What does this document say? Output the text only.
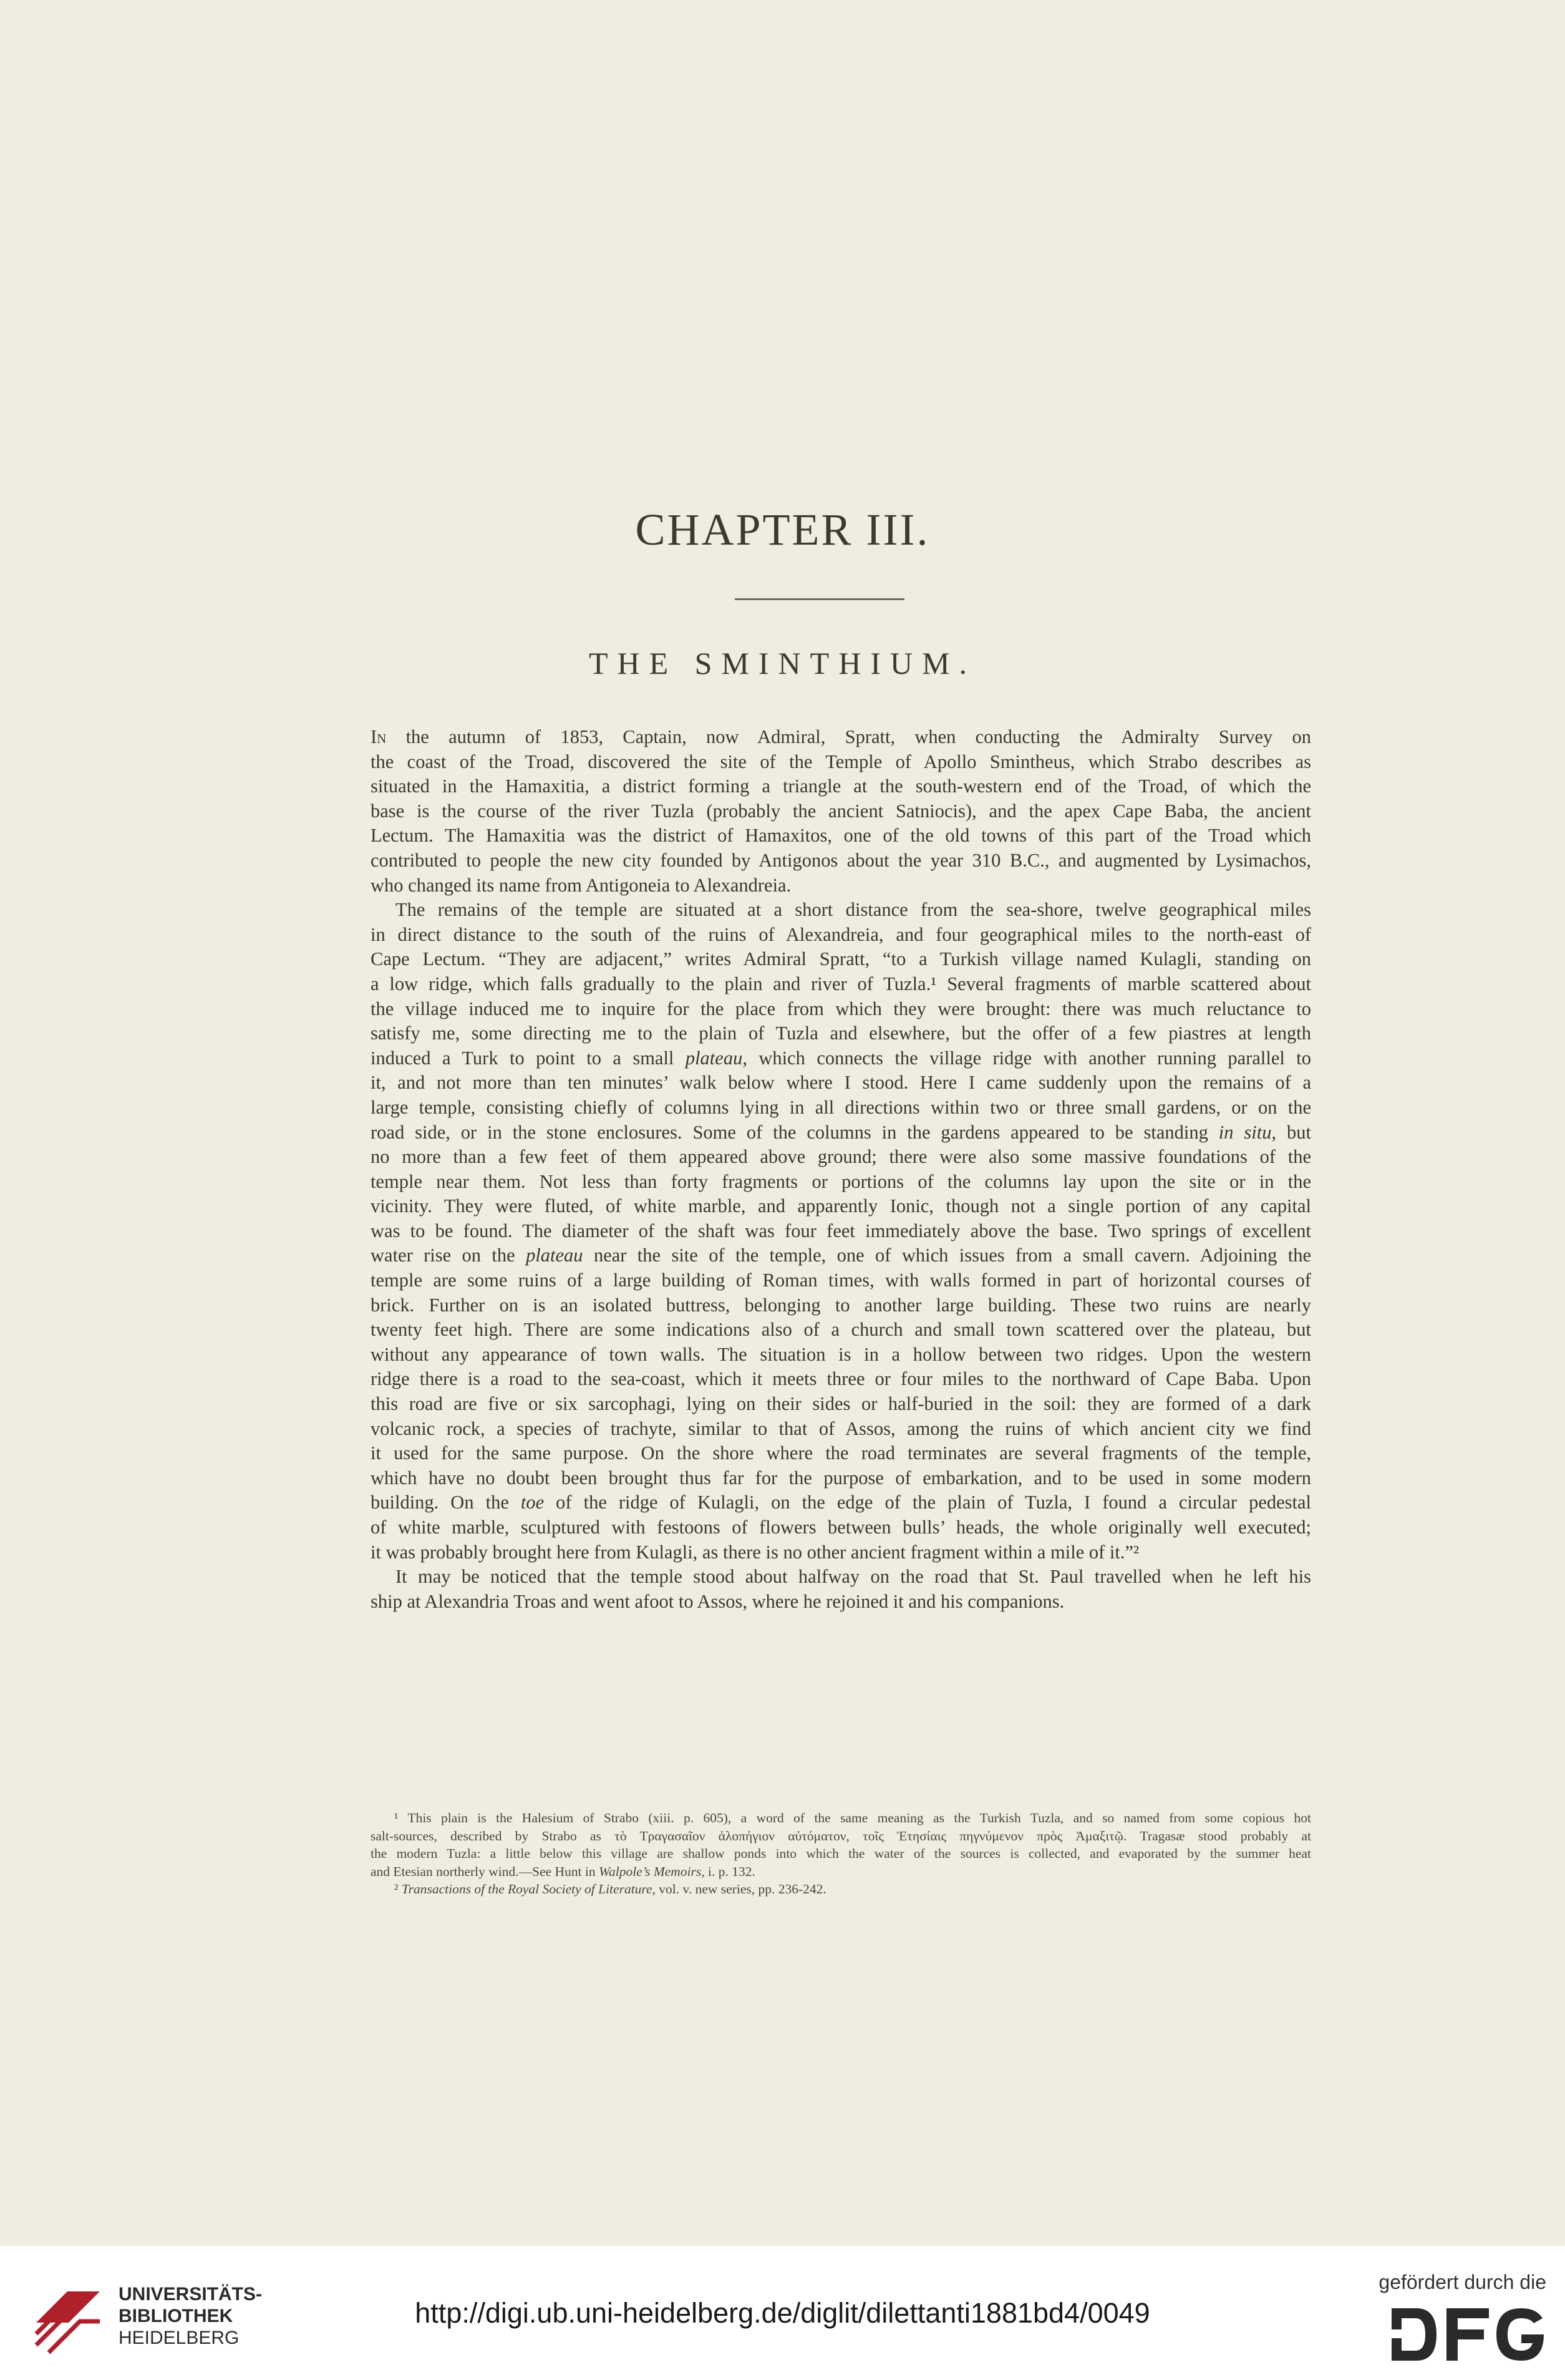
CHAPTER III.
THE SMINTHIUM.
In the autumn of 1853, Captain, now Admiral, Spratt, when conducting the Admiralty Survey on
the coast of the Troad, discovered the site of the Temple of Apollo Smintheus, which Strabo describes as
situated in the Hamaxitia, a district forming a triangle at the south-western end of the Troad, of which the
base is the course of the river Tuzla (probably the ancient Satniocis), and the apex Cape Baba, the ancient
Lectum. The Hamaxitia was the district of Hamaxitos, one of the old towns of this part of the Troad which
contributed to people the new city founded by Antigonos about the year 310 B.C., and augmented by Lysimachos,
who changed its name from Antigoneia to Alexandreia.
The remains of the temple are situated at a short distance from the sea-shore, twelve geographical miles
in direct distance to the south of the ruins of Alexandreia, and four geographical miles to the north-east of
Cape Lectum. “They are adjacent,” writes Admiral Spratt, “to a Turkish village named Kulagli, standing on
a low ridge, which falls gradually to the plain and river of Tuzla.¹ Several fragments of marble scattered about
the village induced me to inquire for the place from which they were brought: there was much reluctance to
satisfy me, some directing me to the plain of Tuzla and elsewhere, but the offer of a few piastres at length
induced a Turk to point to a small plateau, which connects the village ridge with another running parallel to
it, and not more than ten minutes’ walk below where I stood. Here I came suddenly upon the remains of a
large temple, consisting chiefly of columns lying in all directions within two or three small gardens, or on the
road side, or in the stone enclosures. Some of the columns in the gardens appeared to be standing in situ, but
no more than a few feet of them appeared above ground; there were also some massive foundations of the
temple near them. Not less than forty fragments or portions of the columns lay upon the site or in the
vicinity. They were fluted, of white marble, and apparently Ionic, though not a single portion of any capital
was to be found. The diameter of the shaft was four feet immediately above the base. Two springs of excellent
water rise on the plateau near the site of the temple, one of which issues from a small cavern. Adjoining the
temple are some ruins of a large building of Roman times, with walls formed in part of horizontal courses of
brick. Further on is an isolated buttress, belonging to another large building. These two ruins are nearly
twenty feet high. There are some indications also of a church and small town scattered over the plateau, but
without any appearance of town walls. The situation is in a hollow between two ridges. Upon the western
ridge there is a road to the sea-coast, which it meets three or four miles to the northward of Cape Baba. Upon
this road are five or six sarcophagi, lying on their sides or half-buried in the soil: they are formed of a dark
volcanic rock, a species of trachyte, similar to that of Assos, among the ruins of which ancient city we find
it used for the same purpose. On the shore where the road terminates are several fragments of the temple,
which have no doubt been brought thus far for the purpose of embarkation, and to be used in some modern
building. On the toe of the ridge of Kulagli, on the edge of the plain of Tuzla, I found a circular pedestal
of white marble, sculptured with festoons of flowers between bulls’ heads, the whole originally well executed;
it was probably brought here from Kulagli, as there is no other ancient fragment within a mile of it.”²
It may be noticed that the temple stood about halfway on the road that St. Paul travelled when he left his
ship at Alexandria Troas and went afoot to Assos, where he rejoined it and his companions.
¹ This plain is the Halesium of Strabo (xiii. p. 605), a word of the same meaning as the Turkish Tuzla, and so named from some copious hot
salt-sources, described by Strabo as τὸ Τραγασαῖον ἁλοπήγιον αὐτόματον, τοῖς Ἐτησίαις πηγνύμενον πρὸς Ἀμαξιτῷ. Tragasæ stood probably at
the modern Tuzla: a little below this village are shallow ponds into which the water of the sources is collected, and evaporated by the summer heat
and Etesian northerly wind.—See Hunt in Walpole’s Memoirs, i. p. 132.
² Transactions of the Royal Society of Literature, vol. v. new series, pp. 236-242.
UNIVERSITÄTS-
BIBLIOTHEK
HEIDELBERG
http://digi.ub.uni-heidelberg.de/diglit/dilettanti1881bd4/0049
gefördert durch die
